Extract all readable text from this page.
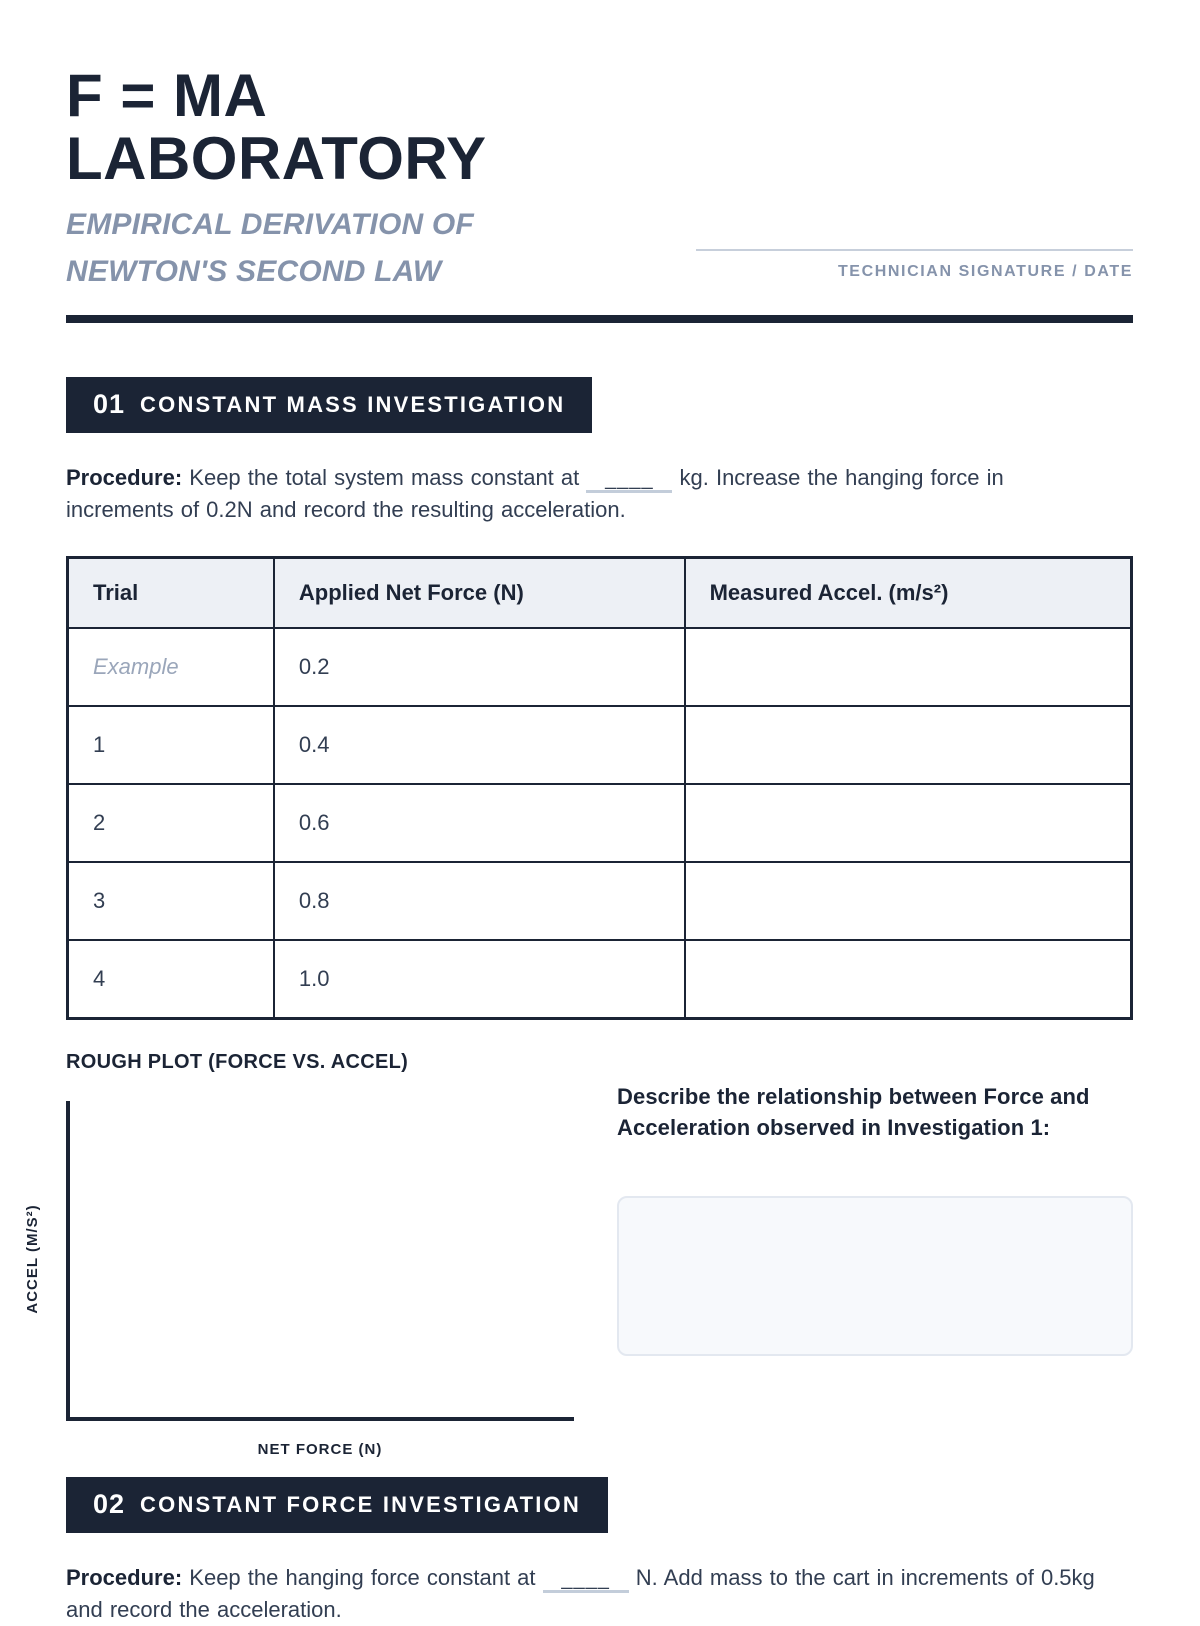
F = MA
LABORATORY
EMPIRICAL DERIVATION OF NEWTON'S SECOND LAW	TECHNICIAN SIGNATURE / DATE
01 CONSTANT MASS INVESTIGATION

Procedure: Keep the total system mass constant at ____ kg. Increase the hanging force in increments of 0.2N and record the resulting acceleration.

Trial	Applied Net Force (N)	Measured Accel. (m/s²)
Example	0.2	
1	0.4	
2	0.6	
3	0.8	
4	1.0	
ROUGH PLOT (FORCE VS. ACCEL)
ACCEL (M/S²)
NET FORCE (N)
Describe the relationship between Force and Acceleration observed in Investigation 1:
02 CONSTANT FORCE INVESTIGATION

Procedure: Keep the hanging force constant at ____ N. Add mass to the cart in increments of 0.5kg and record the acceleration.
